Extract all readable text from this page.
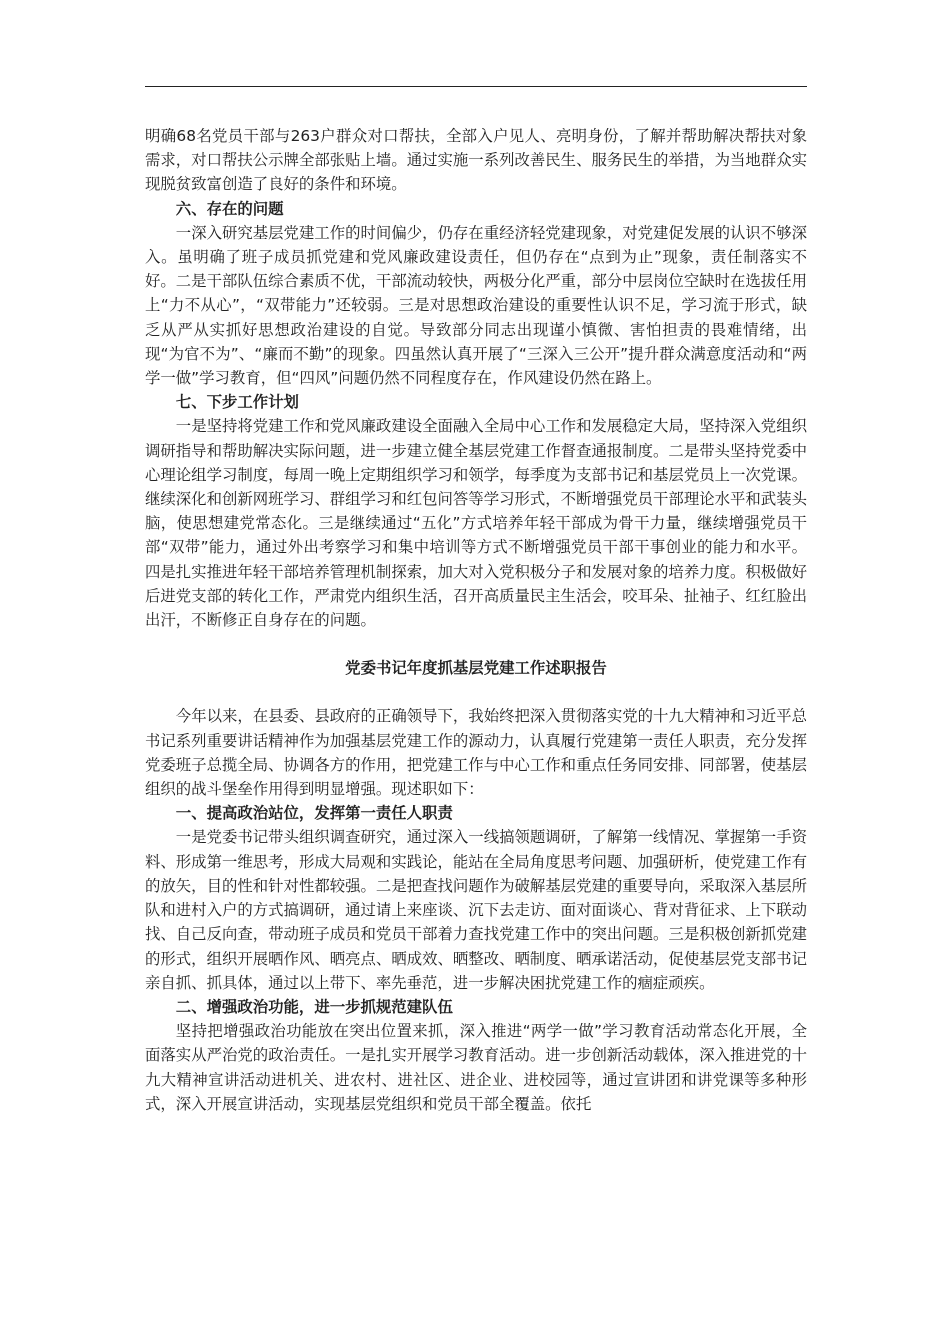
明确68名党员干部与263户群众对口帮扶，全部入户见人、亮明身份，了解并帮助解决帮扶对象需求，对口帮扶公示牌全部张贴上墙。通过实施一系列改善民生、服务民生的举措，为当地群众实现脱贫致富创造了良好的条件和环境。

六、存在的问题

一深入研究基层党建工作的时间偏少，仍存在重经济轻党建现象，对党建促发展的认识不够深入。虽明确了班子成员抓党建和党风廉政建设责任，但仍存在“点到为止”现象，责任制落实不好。二是干部队伍综合素质不优，干部流动较快，两极分化严重，部分中层岗位空缺时在选拔任用上“力不从心”，“双带能力”还较弱。三是对思想政治建设的重要性认识不足，学习流于形式，缺乏从严从实抓好思想政治建设的自觉。导致部分同志出现谨小慎微、害怕担责的畏难情绪，出现“为官不为”、“廉而不勤”的现象。四虽然认真开展了“三深入三公开”提升群众满意度活动和“两学一做”学习教育，但“四风”问题仍然不同程度存在，作风建设仍然在路上。

七、下步工作计划

一是坚持将党建工作和党风廉政建设全面融入全局中心工作和发展稳定大局，坚持深入党组织调研指导和帮助解决实际问题，进一步建立健全基层党建工作督查通报制度。二是带头坚持党委中心理论组学习制度，每周一晚上定期组织学习和领学，每季度为支部书记和基层党员上一次党课。继续深化和创新网班学习、群组学习和红包问答等学习形式，不断增强党员干部理论水平和武装头脑，使思想建党常态化。三是继续通过“五化”方式培养年轻干部成为骨干力量，继续增强党员干部“双带”能力，通过外出考察学习和集中培训等方式不断增强党员干部干事创业的能力和水平。四是扎实推进年轻干部培养管理机制探索，加大对入党积极分子和发展对象的培养力度。积极做好后进党支部的转化工作，严肃党内组织生活，召开高质量民主生活会，咬耳朵、扯袖子、红红脸出出汗，不断修正自身存在的问题。

党委书记年度抓基层党建工作述职报告

今年以来，在县委、县政府的正确领导下，我始终把深入贯彻落实党的十九大精神和习近平总书记系列重要讲话精神作为加强基层党建工作的源动力，认真履行党建第一责任人职责，充分发挥党委班子总揽全局、协调各方的作用，把党建工作与中心工作和重点任务同安排、同部署，使基层组织的战斗堡垒作用得到明显增强。现述职如下：

一、提高政治站位，发挥第一责任人职责

一是党委书记带头组织调查研究，通过深入一线搞领题调研，了解第一线情况、掌握第一手资料、形成第一维思考，形成大局观和实践论，能站在全局角度思考问题、加强研析，使党建工作有的放矢，目的性和针对性都较强。二是把查找问题作为破解基层党建的重要导向，采取深入基层所队和进村入户的方式搞调研，通过请上来座谈、沉下去走访、面对面谈心、背对背征求、上下联动找、自己反向查，带动班子成员和党员干部着力查找党建工作中的突出问题。三是积极创新抓党建的形式，组织开展晒作风、晒亮点、晒成效、晒整改、晒制度、晒承诺活动，促使基层党支部书记亲自抓、抓具体，通过以上带下、率先垂范，进一步解决困扰党建工作的痼症顽疾。

二、增强政治功能，进一步抓规范建队伍

坚持把增强政治功能放在突出位置来抓，深入推进“两学一做”学习教育活动常态化开展，全面落实从严治党的政治责任。一是扎实开展学习教育活动。进一步创新活动载体，深入推进党的十九大精神宣讲活动进机关、进农村、进社区、进企业、进校园等，通过宣讲团和讲党课等多种形式，深入开展宣讲活动，实现基层党组织和党员干部全覆盖。依托
